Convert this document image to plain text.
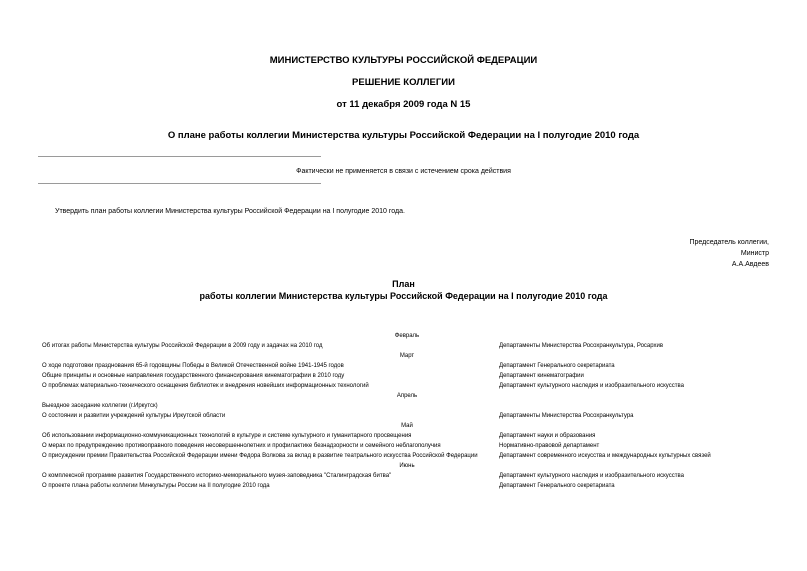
МИНИСТЕРСТВО КУЛЬТУРЫ РОССИЙСКОЙ ФЕДЕРАЦИИ
РЕШЕНИЕ КОЛЛЕГИИ
от 11 декабря 2009 года N 15
О плане работы коллегии Министерства культуры Российской Федерации на I полугодие 2010 года
Фактически не применяется в связи с истечением срока действия
Утвердить план работы коллегии Министерства культуры Российской Федерации на I полугодие 2010 года.
Председатель коллегии,
Министр
А.А.Авдеев
План
работы коллегии Министерства культуры Российской Федерации на I полугодие 2010 года
Февраль
Об итогах работы Министерства культуры Российской Федерации в 2009 году и задачах на 2010 год	Департаменты Министерства Росохранкультура, Росархив
Март
О ходе подготовки празднования 65-й годовщины Победы в Великой Отечественной войне 1941-1945 годов	Департамент Генерального секретариата
Общие принципы и основные направления государственного финансирования кинематографии в 2010 году	Департамент кинематографии
О проблемах материально-технического оснащения библиотек и внедрения новейших информационных технологий	Департамент культурного наследия и изобразительного искусства
Апрель
Выездное заседание коллегии (г.Иркутск)
О состоянии и развитии учреждений культуры Иркутской области	Департаменты Министерства Росохранкультура
Май
Об использовании информационно-коммуникационных технологий в культуре и системе культурного и гуманитарного просвещения	Департамент науки и образования
О мерах по предупреждению противоправного поведения несовершеннолетних и профилактике безнадзорности и семейного неблагополучия	Нормативно-правовой департамент
О присуждении премии Правительства Российской Федерации имени Федора Волкова за вклад в развитие театрального искусства Российской Федерации	Департамент современного искусства и международных культурных связей
Июнь
О комплексной программе развития Государственного историко-мемориального музея-заповедника "Сталинградская битва"	Департамент культурного наследия и изобразительного искусства
О проекте плана работы коллегии Минкультуры России на II полугодие 2010 года	Департамент Генерального секретариата
